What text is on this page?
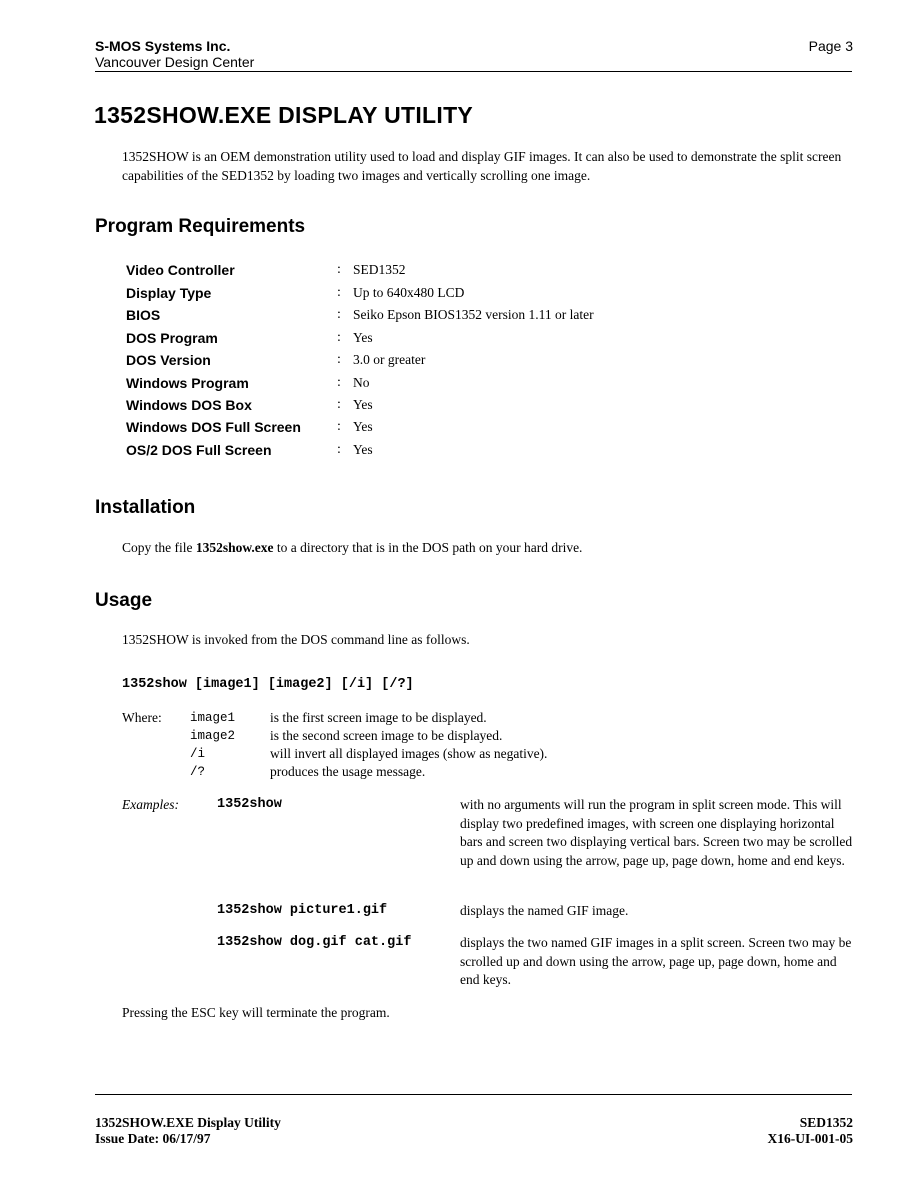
S-MOS Systems Inc.
Vancouver Design Center
Page 3
1352SHOW.EXE DISPLAY UTILITY
1352SHOW is an OEM demonstration utility used to load and display GIF images. It can also be used to demonstrate the split screen capabilities of the SED1352 by loading two images and vertically scrolling one image.
Program Requirements
Video Controller	: SED1352
Display Type	: Up to 640x480 LCD
BIOS	: Seiko Epson BIOS1352 version 1.11 or later
DOS Program	: Yes
DOS Version	: 3.0 or greater
Windows Program	: No
Windows DOS Box	: Yes
Windows DOS Full Screen	: Yes
OS/2 DOS Full Screen	: Yes
Installation
Copy the file 1352show.exe to a directory that is in the DOS path on your hard drive.
Usage
1352SHOW is invoked from the DOS command line as follows.
1352show [image1] [image2] [/i] [/?]
Where: image1	is the first screen image to be displayed.
image2	is the second screen image to be displayed.
/i	will invert all displayed images (show as negative).
/?	produces the usage message.
Examples:	1352show	with no arguments will run the program in split screen mode. This will display two predefined images, with screen one displaying horizontal bars and screen two displaying vertical bars. Screen two may be scrolled up and down using the arrow, page up, page down, home and end keys.
1352show picture1.gif	displays the named GIF image.
1352show dog.gif cat.gif	displays the two named GIF images in a split screen. Screen two may be scrolled up and down using the arrow, page up, page down, home and end keys.
Pressing the ESC key will terminate the program.
1352SHOW.EXE Display Utility
Issue Date: 06/17/97
SED1352
X16-UI-001-05
